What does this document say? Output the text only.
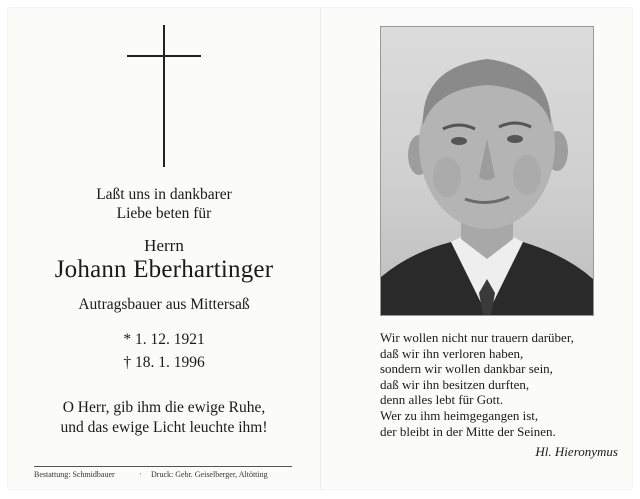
Laßt uns in dankbarer
Liebe beten für
Herrn
Johann Eberhartinger
Autragsbauer aus Mittersaß
* 1. 12. 1921
† 18. 1. 1996
O Herr, gib ihm die ewige Ruhe,
und das ewige Licht leuchte ihm!
Bestattung: Schmidbauer	· Druck: Gebr. Geiselberger, Altötting
Wir wollen nicht nur trauern darüber,
daß wir ihn verloren haben,
sondern wir wollen dankbar sein,
daß wir ihn besitzen durften,
denn alles lebt für Gott.
Wer zu ihm heimgegangen ist,
der bleibt in der Mitte der Seinen.
Hl. Hieronymus
